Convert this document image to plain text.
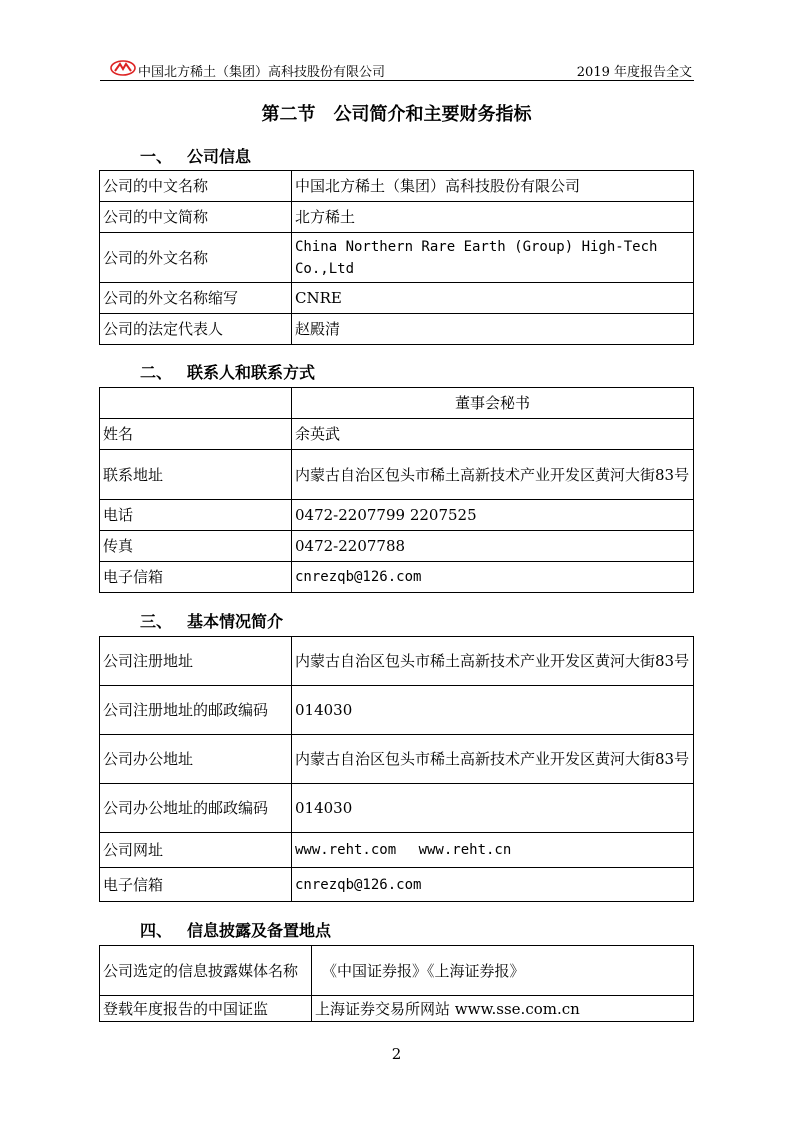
中国北方稀土（集团）高科技股份有限公司	2019 年度报告全文
第二节　公司简介和主要财务指标
一、 公司信息
公司的中文名称	中国北方稀土（集团）高科技股份有限公司
公司的中文简称	北方稀土
公司的外文名称	China Northern Rare Earth (Group) High-Tech Co.,Ltd
公司的外文名称缩写	CNRE
公司的法定代表人	赵殿清
二、 联系人和联系方式
	董事会秘书
姓名	余英武
联系地址	内蒙古自治区包头市稀土高新技术产业开发区黄河大街83号
电话	0472-2207799 2207525
传真	0472-2207788
电子信箱	cnrezqb@126.com
三、 基本情况简介
公司注册地址	内蒙古自治区包头市稀土高新技术产业开发区黄河大街83号
公司注册地址的邮政编码	014030
公司办公地址	内蒙古自治区包头市稀土高新技术产业开发区黄河大街83号
公司办公地址的邮政编码	014030
公司网址	www.reht.com　 www.reht.cn
电子信箱	cnrezqb@126.com
四、 信息披露及备置地点
公司选定的信息披露媒体名称	《中国证券报》《上海证券报》
登载年度报告的中国证监	上海证券交易所网站 www.sse.com.cn
2
